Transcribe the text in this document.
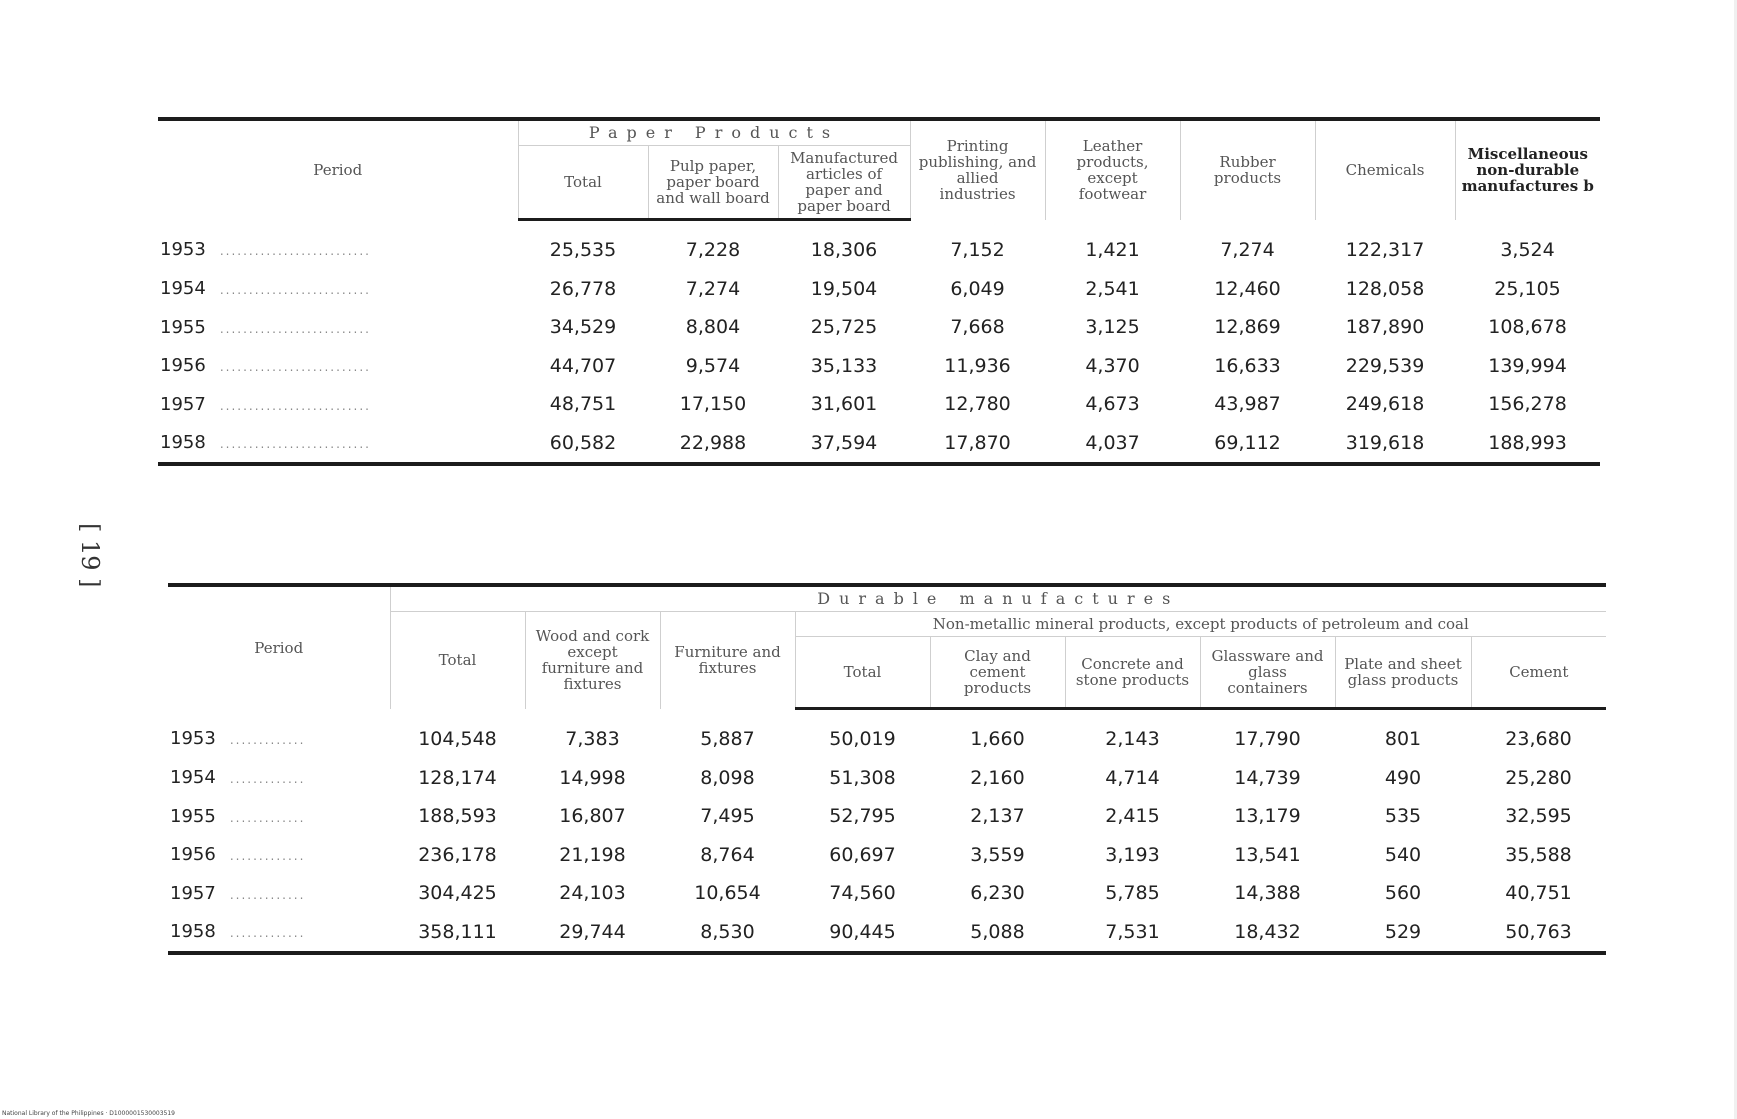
[ 19 ]
Period	Paper Products			Printing publishing, and allied industries	Leather products, except footwear	Rubber products	Chemicals	Miscellaneous non-durable manufactures b
	Total	Pulp paper, paper board and wall board	Manufactured articles of paper and paper board					
1953 ..........................	25,535	7,228	18,306	7,152	1,421	7,274	122,317	3,524
1954 ..........................	26,778	7,274	19,504	6,049	2,541	12,460	128,058	25,105
1955 ..........................	34,529	8,804	25,725	7,668	3,125	12,869	187,890	108,678
1956 ..........................	44,707	9,574	35,133	11,936	4,370	16,633	229,539	139,994
1957 ..........................	48,751	17,150	31,601	12,780	4,673	43,987	249,618	156,278
1958 ..........................	60,582	22,988	37,594	17,870	4,037	69,112	319,618	188,993
Period	Durable manufactures								
	Total	Wood and cork except furniture and fixtures	Furniture and fixtures	Non-metallic mineral products, except products of petroleum and coal					
				Total	Clay and cement products	Concrete and stone products	Glassware and glass containers	Plate and sheet glass products	Cement
1953 .............	104,548	7,383	5,887	50,019	1,660	2,143	17,790	801	23,680
1954 .............	128,174	14,998	8,098	51,308	2,160	4,714	14,739	490	25,280
1955 .............	188,593	16,807	7,495	52,795	2,137	2,415	13,179	535	32,595
1956 .............	236,178	21,198	8,764	60,697	3,559	3,193	13,541	540	35,588
1957 .............	304,425	24,103	10,654	74,560	6,230	5,785	14,388	560	40,751
1958 .............	358,111	29,744	8,530	90,445	5,088	7,531	18,432	529	50,763
National Library of the Philippines · D1000001530003519
